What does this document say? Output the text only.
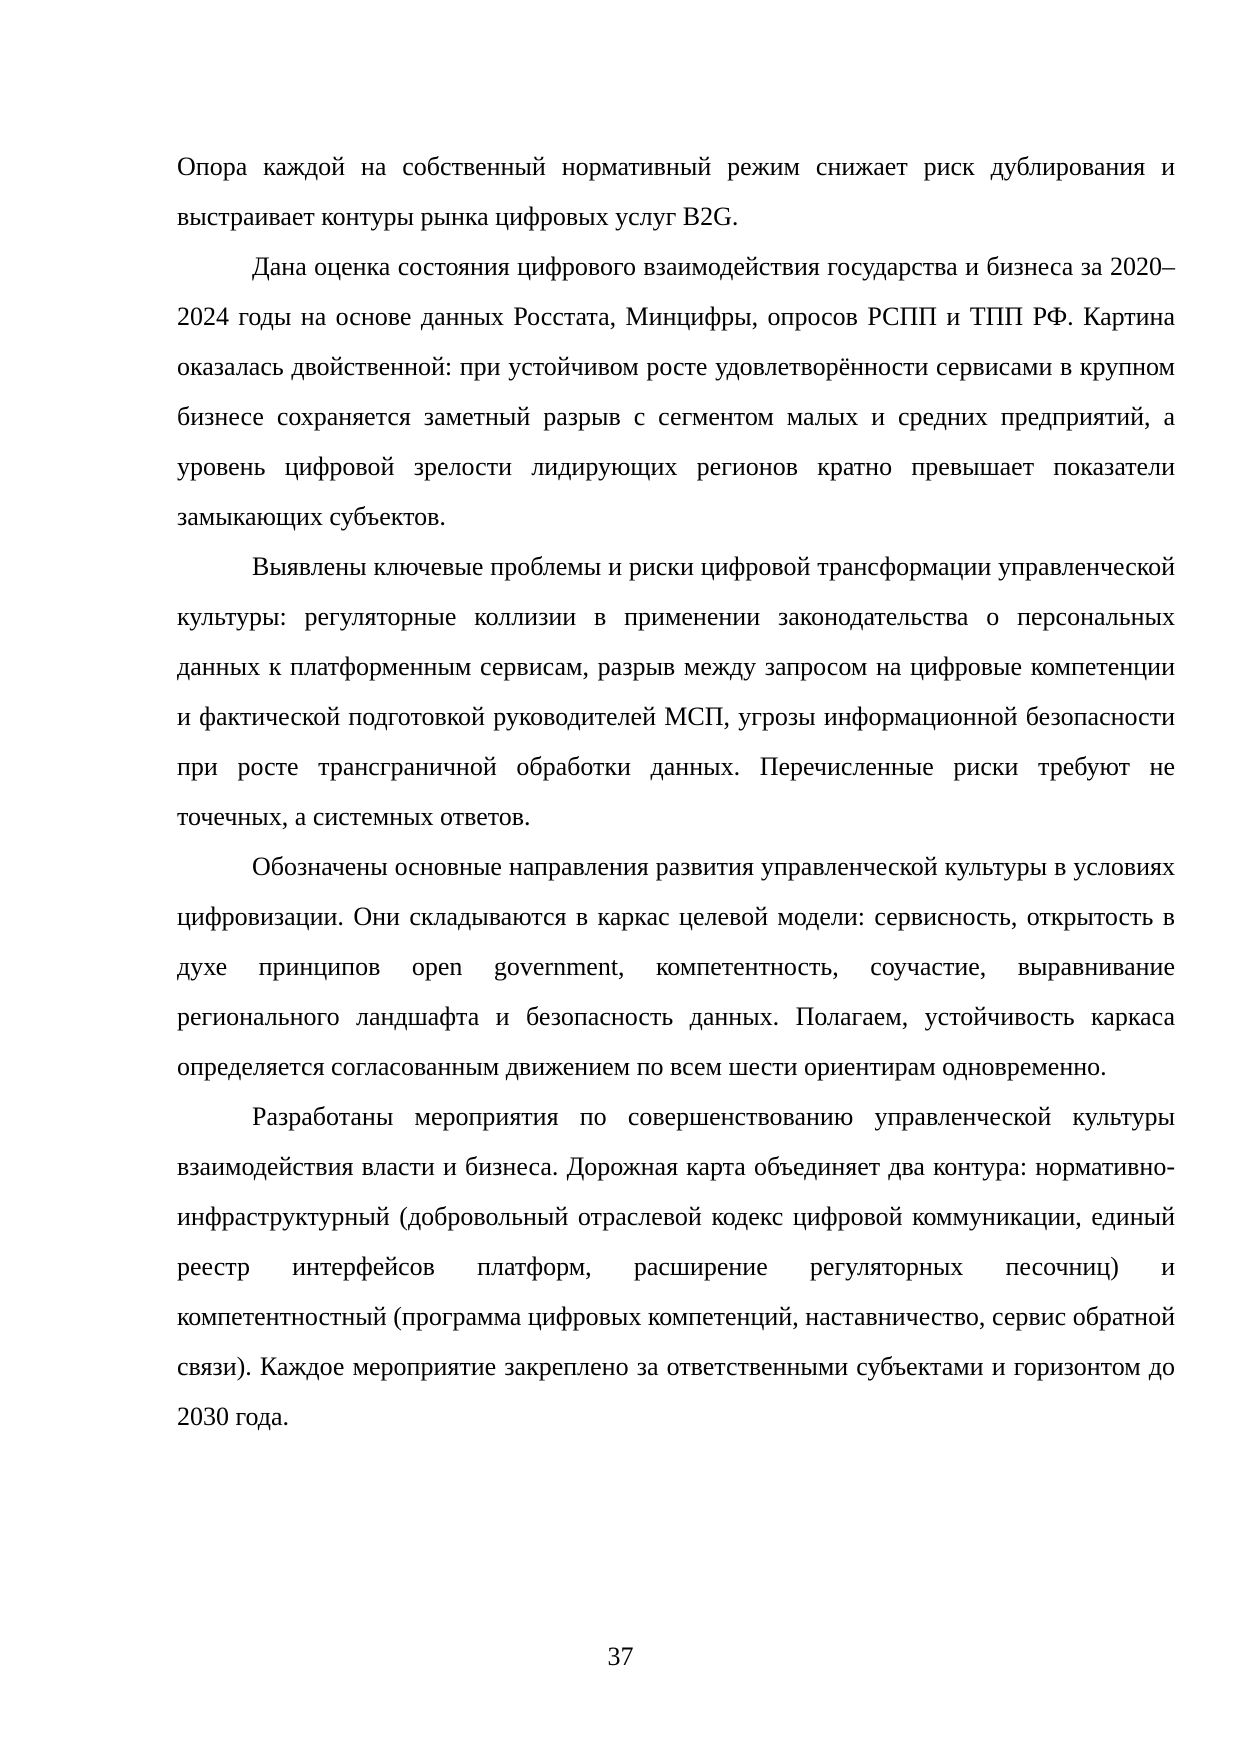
Опора каждой на собственный нормативный режим снижает риск дублирования и выстраивает контуры рынка цифровых услуг B2G.

Дана оценка состояния цифрового взаимодействия государства и бизнеса за 2020–2024 годы на основе данных Росстата, Минцифры, опросов РСПП и ТПП РФ. Картина оказалась двойственной: при устойчивом росте удовлетворённости сервисами в крупном бизнесе сохраняется заметный разрыв с сегментом малых и средних предприятий, а уровень цифровой зрелости лидирующих регионов кратно превышает показатели замыкающих субъектов.

Выявлены ключевые проблемы и риски цифровой трансформации управленческой культуры: регуляторные коллизии в применении законодательства о персональных данных к платформенным сервисам, разрыв между запросом на цифровые компетенции и фактической подготовкой руководителей МСП, угрозы информационной безопасности при росте трансграничной обработки данных. Перечисленные риски требуют не точечных, а системных ответов.

Обозначены основные направления развития управленческой культуры в условиях цифровизации. Они складываются в каркас целевой модели: сервисность, открытость в духе принципов open government, компетентность, соучастие, выравнивание регионального ландшафта и безопасность данных. Полагаем, устойчивость каркаса определяется согласованным движением по всем шести ориентирам одновременно.

Разработаны мероприятия по совершенствованию управленческой культуры взаимодействия власти и бизнеса. Дорожная карта объединяет два контура: нормативно-инфраструктурный (добровольный отраслевой кодекс цифровой коммуникации, единый реестр интерфейсов платформ, расширение регуляторных песочниц) и компетентностный (программа цифровых компетенций, наставничество, сервис обратной связи). Каждое мероприятие закреплено за ответственными субъектами и горизонтом до 2030 года.

37
